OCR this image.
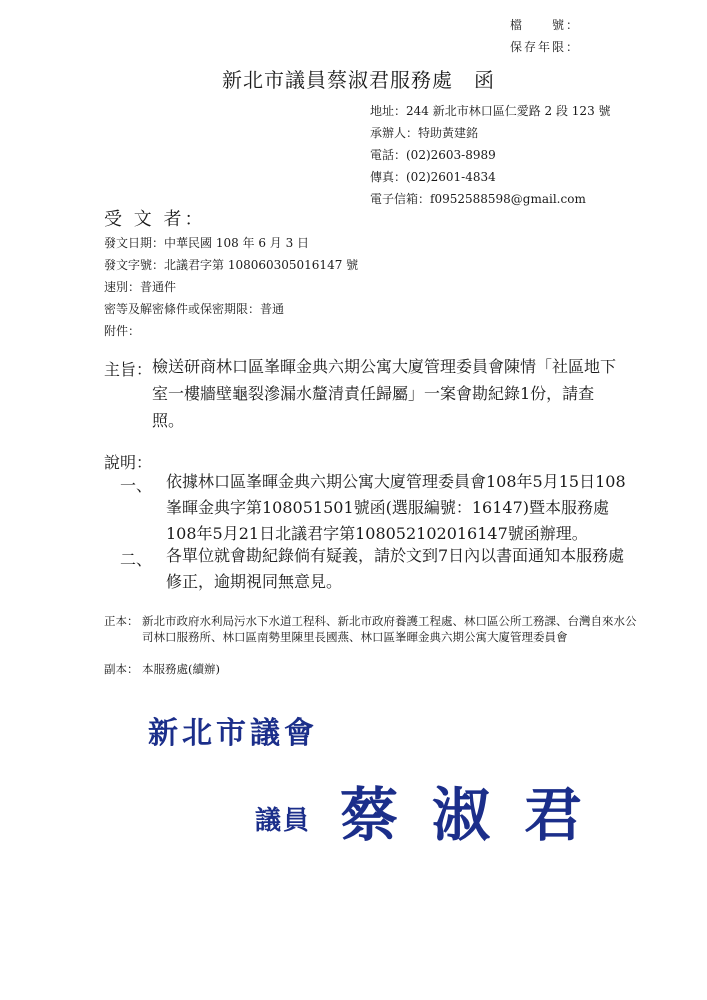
檔　　號：
保存年限：
新北市議員蔡淑君服務處　函
地址：244 新北市林口區仁愛路 2 段 123 號
承辦人：特助黃建銘
電話：(02)2603-8989
傳真：(02)2601-4834
電子信箱：f0952588598@gmail.com
受 文 者：
發文日期：中華民國 108 年 6 月 3 日
發文字號：北議君字第 108060305016147 號
速別：普通件
密等及解密條件或保密期限：普通
附件：
主旨： 檢送研商林口區峯暉金典六期公寓大廈管理委員會陳情「社區地下室一樓牆壁龜裂滲漏水釐清責任歸屬」一案會勘紀錄1份，請查照。
說明：
一、 依據林口區峯暉金典六期公寓大廈管理委員會108年5月15日108峯暉金典字第108051501號函(選服編號：16147)暨本服務處108年5月21日北議君字第108052102016147號函辦理。
二、 各單位就會勘紀錄倘有疑義，請於文到7日內以書面通知本服務處修正，逾期視同無意見。
正本： 新北市政府水利局污水下水道工程科、新北市政府養護工程處、林口區公所工務課、台灣自來水公司林口服務所、林口區南勢里陳里長國燕、林口區峯暉金典六期公寓大廈管理委員會
副本： 本服務處(續辦)
新北市議會
議員 蔡淑君
